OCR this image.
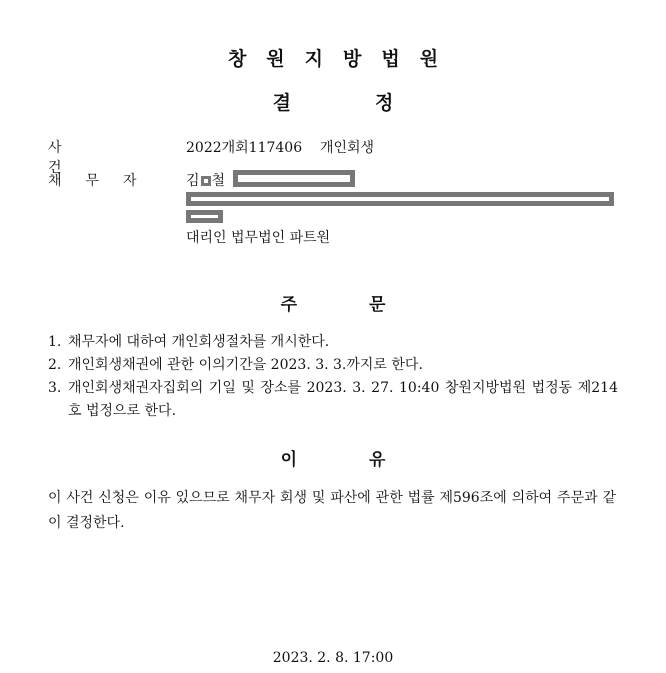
창원지방법원
결정
사건
2022개회117406 개인회생
채무자 김 철
대리인 법무법인 파트원
주문
1. 채무자에 대하여 개인회생절차를 개시한다.
2. 개인회생채권에 관한 이의기간을 2023. 3. 3.까지로 한다.
3. 개인회생채권자집회의 기일 및 장소를 2023. 3. 27. 10:40 창원지방법원 법정동 제214호 법정으로 한다.
이유
이 사건 신청은 이유 있으므로 채무자 회생 및 파산에 관한 법률 제596조에 의하여 주문과 같이 결정한다.
2023. 2. 8. 17:00
